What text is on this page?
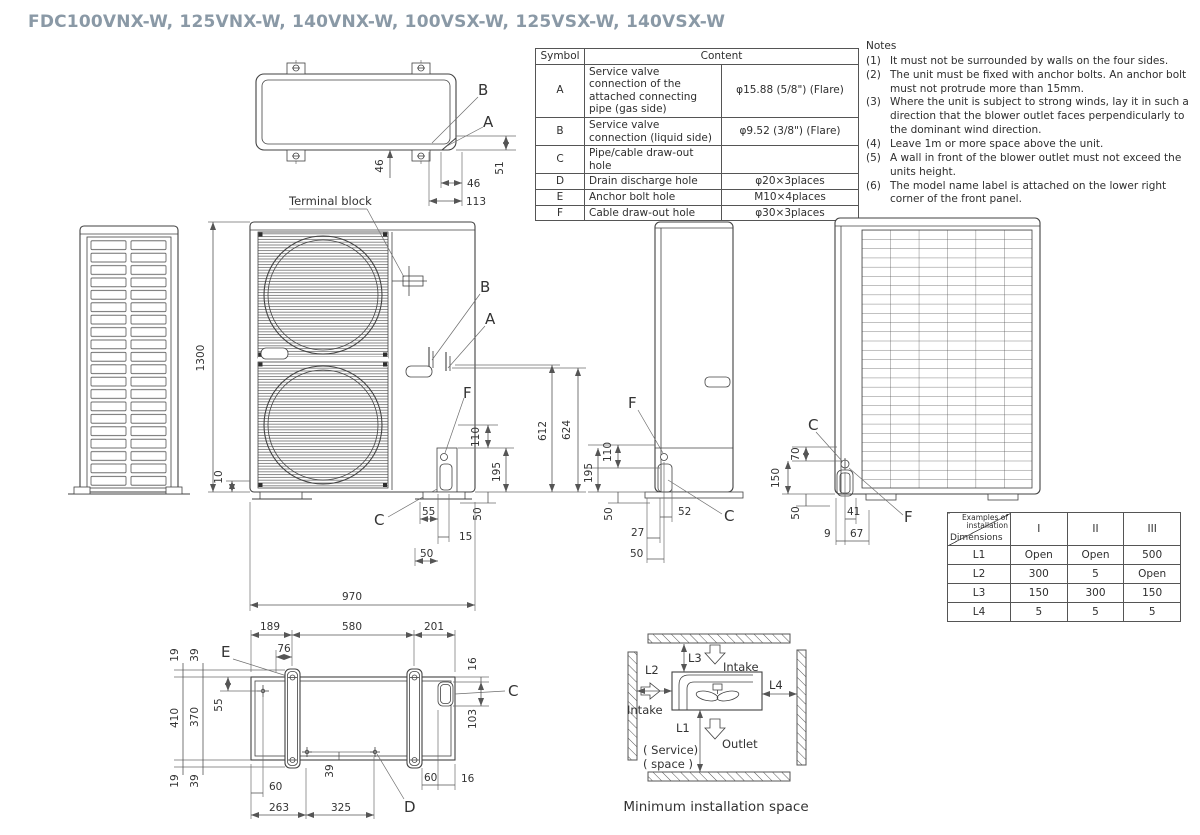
FDC100VNX-W, 125VNX-W, 140VNX-W, 100VSX-W, 125VSX-W, 140VSX-W
Symbol	Content	
A	Service valve connection of the attached connecting pipe (gas side)	φ15.88 (5/8") (Flare)
B	Service valve connection (liquid side)	φ9.52 (3/8") (Flare)
C	Pipe/cable draw-out hole	
D	Drain discharge hole	φ20×3places
E	Anchor bolt hole	M10×4places
F	Cable draw-out hole	φ30×3places
Notes
(1) It must not be surrounded by walls on the four sides.
(2) The unit must be fixed with anchor bolts. An anchor bolt must not protrude more than 15mm.
(3) Where the unit is subject to strong winds, lay it in such a direction that the blower outlet faces perpendicularly to the dominant wind direction.
(4) Leave 1m or more space above the unit.
(5) A wall in front of the blower outlet must not exceed the units height.
(6) The model name label is attached on the lower right corner of the front panel.
Examples of
installation
Dimensions	I	II	III
L1	Open	Open	500
L2	300	5	Open
L3	150	300	150
L4	5	5	5
B
A
51
46
46
113
Terminal block
B
A
F
C
1300
10
612 624
110
195
50
55
15
50
970
F
C
110
195
50	52
27
50
C
F
70
150
50	41
9 67
189	580	201
76
E
C
19 39
410 370
19 39
55
16
103
39
D
60
263	325
60 16
L2
L3
L4
L1
Intake
Intake
Outlet
( Service)
( space )
Minimum installation space
